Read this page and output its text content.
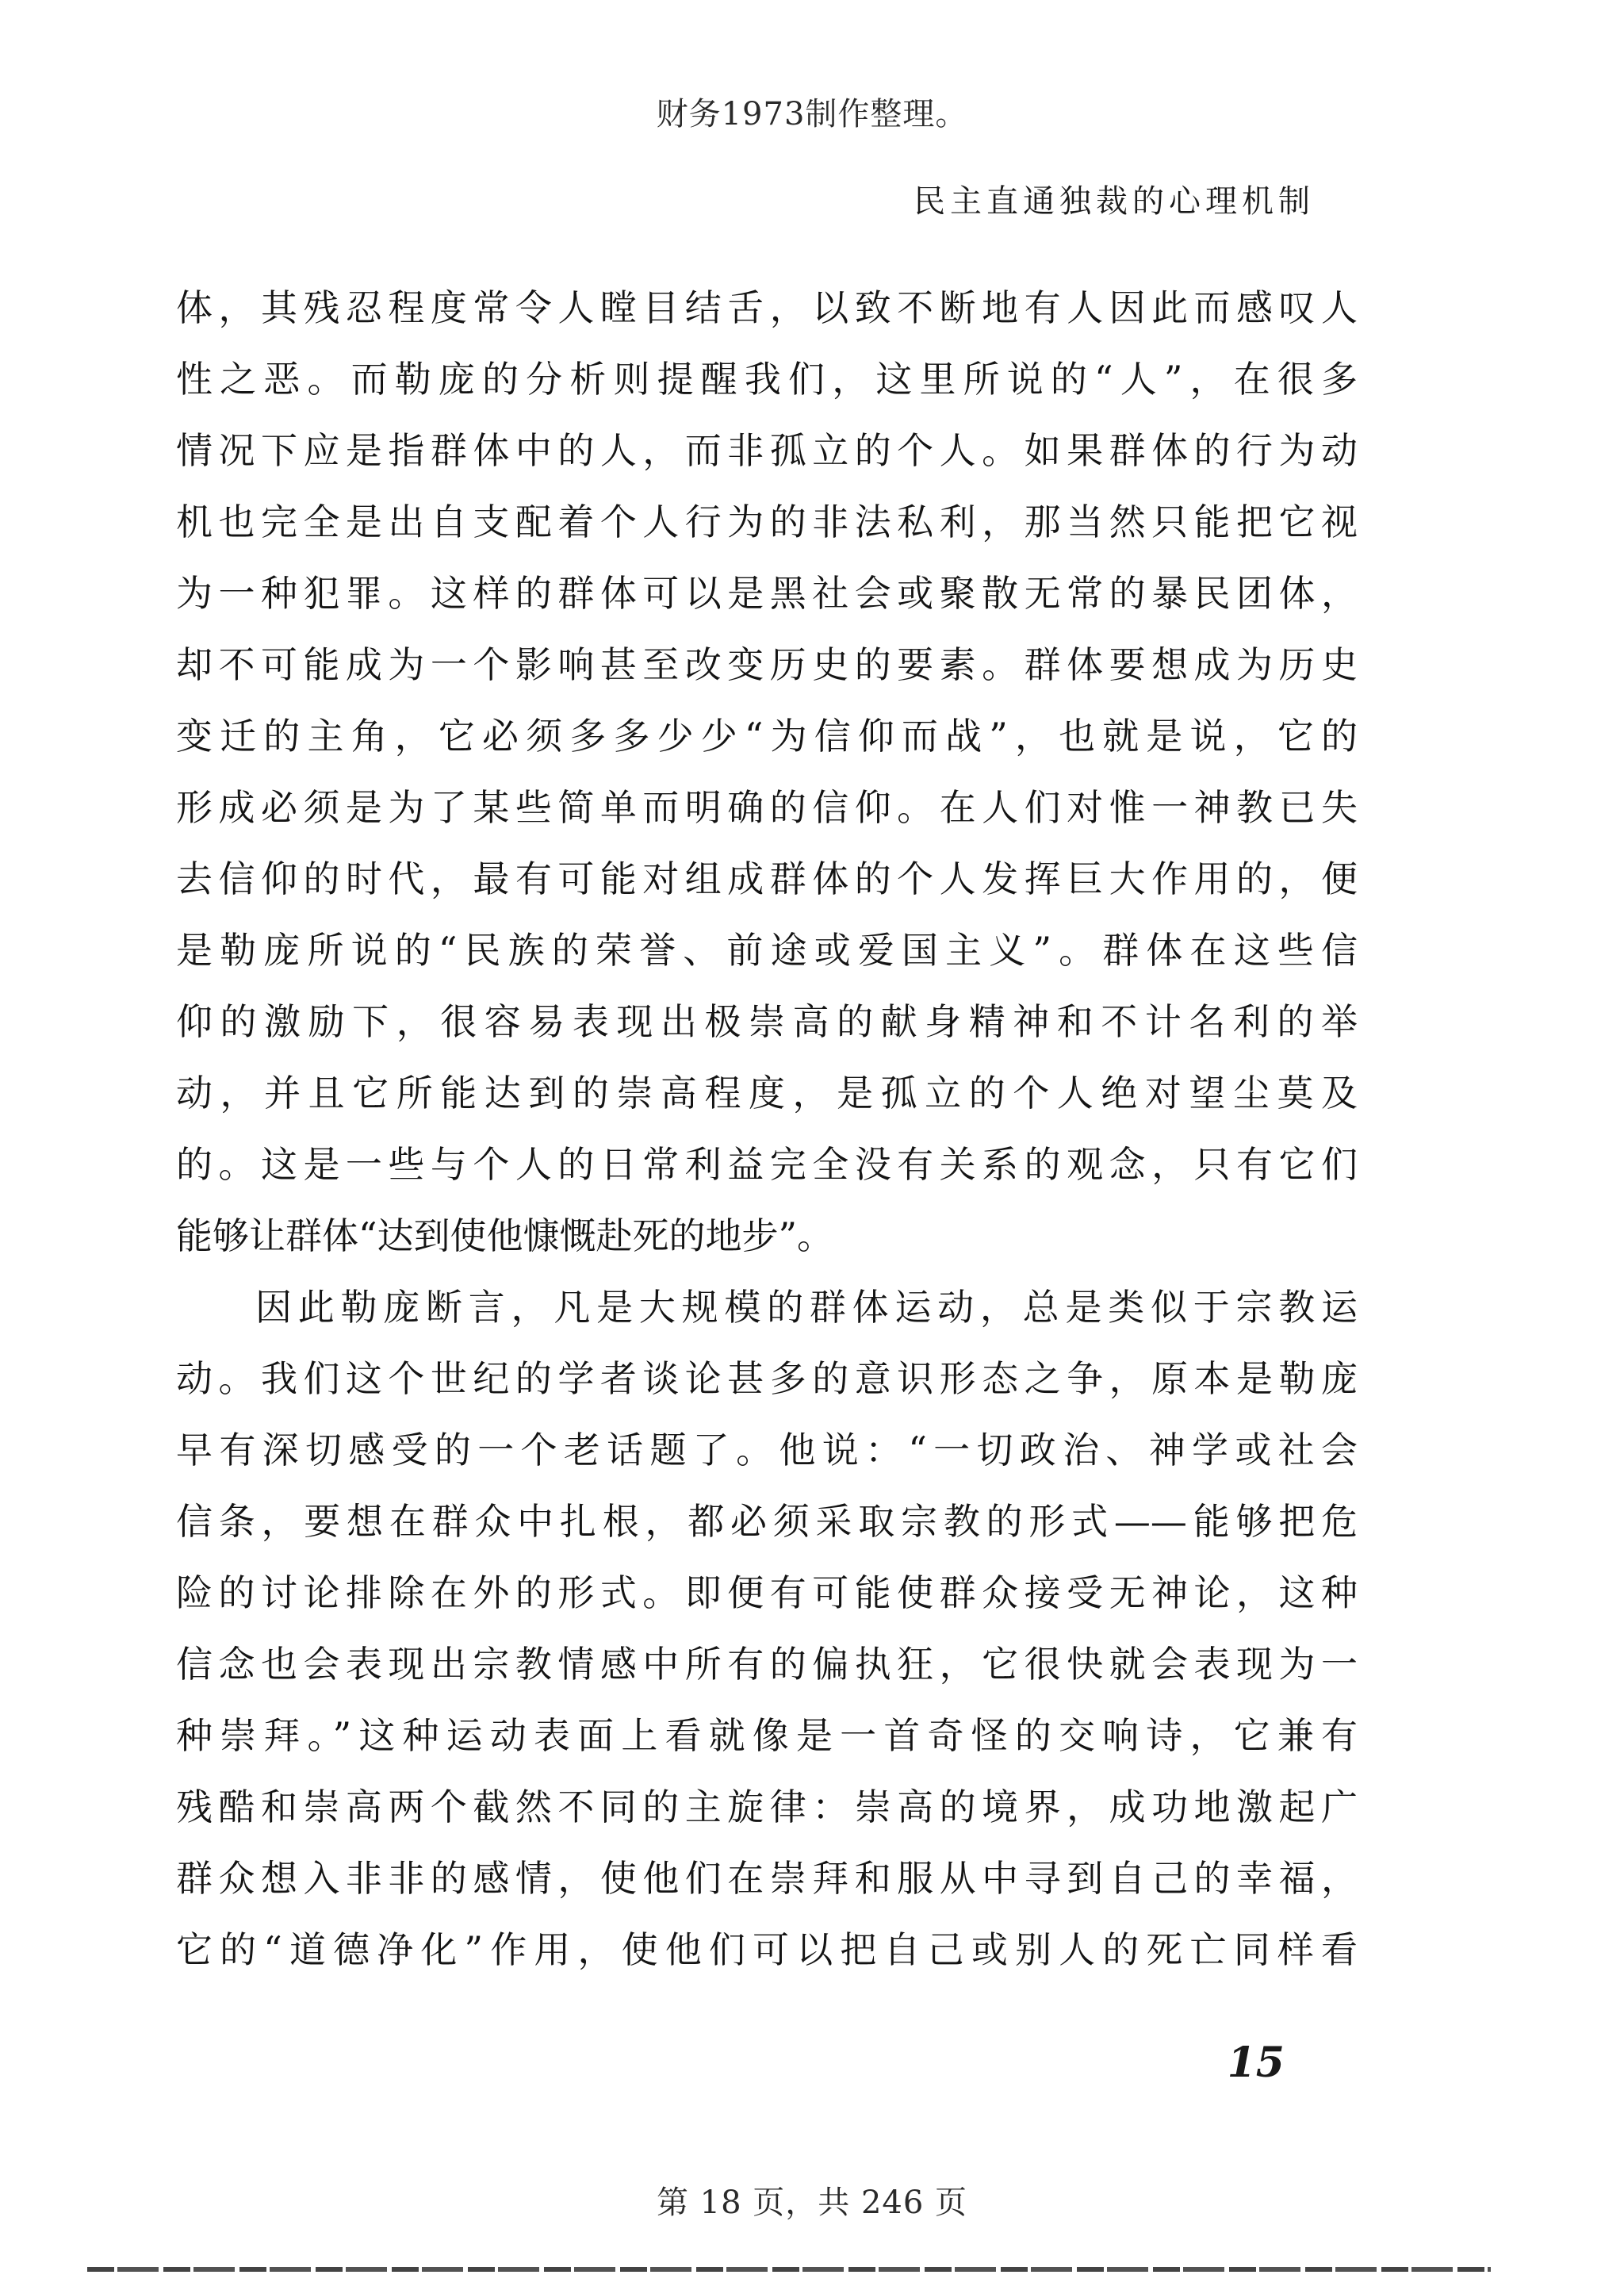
财务1973制作整理。
民主直通独裁的心理机制
体，其残忍程度常令人瞠目结舌，以致不断地有人因此而感叹人
性之恶。而勒庞的分析则提醒我们，这里所说的“人”，在很多
情况下应是指群体中的人，而非孤立的个人。如果群体的行为动
机也完全是出自支配着个人行为的非法私利，那当然只能把它视
为一种犯罪。这样的群体可以是黑社会或聚散无常的暴民团体，
却不可能成为一个影响甚至改变历史的要素。群体要想成为历史
变迁的主角，它必须多多少少“为信仰而战”，也就是说，它的
形成必须是为了某些简单而明确的信仰。在人们对惟一神教已失
去信仰的时代，最有可能对组成群体的个人发挥巨大作用的，便
是勒庞所说的“民族的荣誉、前途或爱国主义”。群体在这些信
仰的激励下，很容易表现出极崇高的献身精神和不计名利的举
动，并且它所能达到的崇高程度，是孤立的个人绝对望尘莫及
的。这是一些与个人的日常利益完全没有关系的观念，只有它们
能够让群体“达到使他慷慨赴死的地步”。
因此勒庞断言，凡是大规模的群体运动，总是类似于宗教运
动。我们这个世纪的学者谈论甚多的意识形态之争，原本是勒庞
早有深切感受的一个老话题了。他说：“一切政治、神学或社会
信条，要想在群众中扎根，都必须采取宗教的形式——能够把危
险的讨论排除在外的形式。即便有可能使群众接受无神论，这种
信念也会表现出宗教情感中所有的偏执狂，它很快就会表现为一
种崇拜。”这种运动表面上看就像是一首奇怪的交响诗，它兼有
残酷和崇高两个截然不同的主旋律：崇高的境界，成功地激起广
群众想入非非的感情，使他们在崇拜和服从中寻到自己的幸福，
它的“道德净化”作用，使他们可以把自己或别人的死亡同样看
15
第 18 页，共 246 页
